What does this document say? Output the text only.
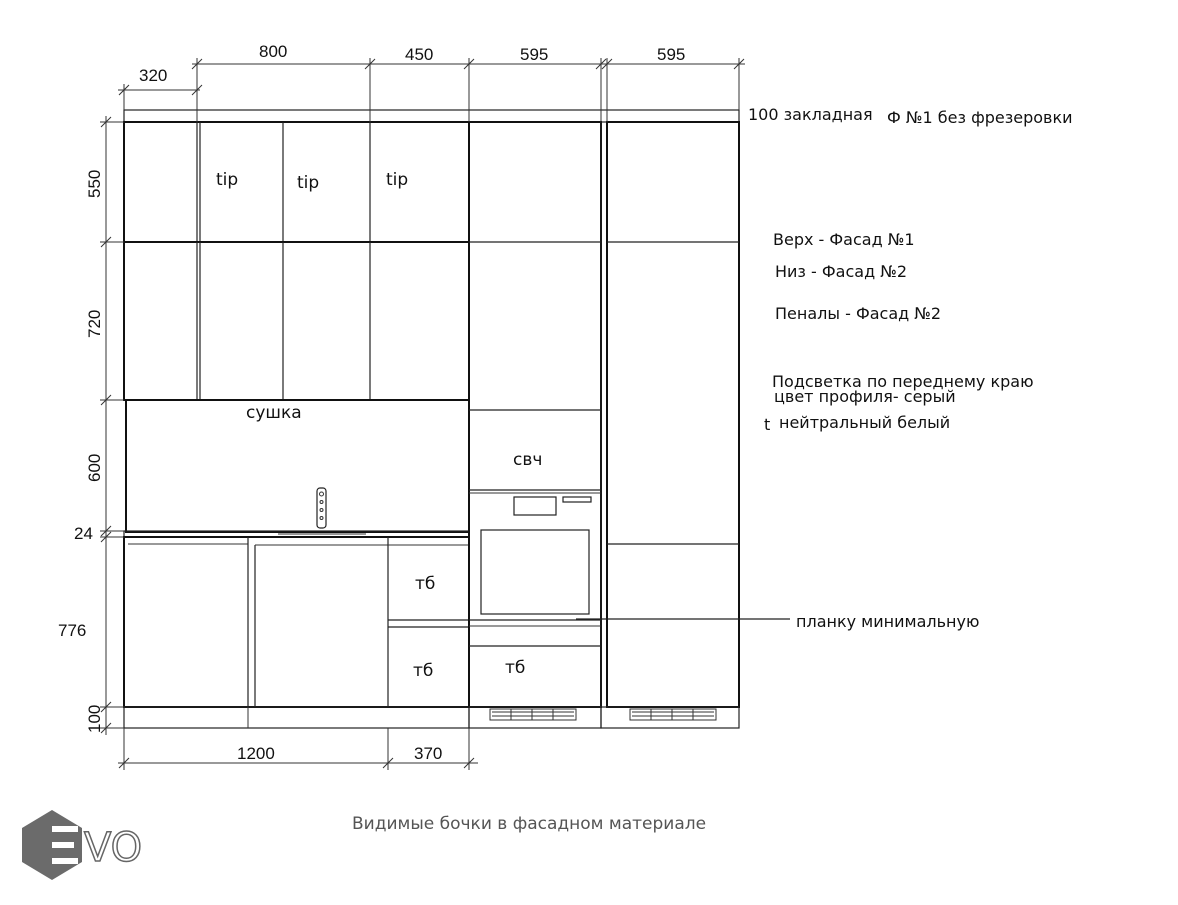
320
800	450	595	595
550
720
600
24
776
100
1200	370
tip	tip	tip
сушка
свч
тб
тб	тб
100 закладная Ф №1 без фрезеровки
Верх - Фасад №1
Низ - Фасад №2
Пеналы - Фасад №2
Подсветка по переднему краю
цвет профиля- серый
t нейтральный белый
планку минимальную
Видимые бочки в фасадном материале
VO
